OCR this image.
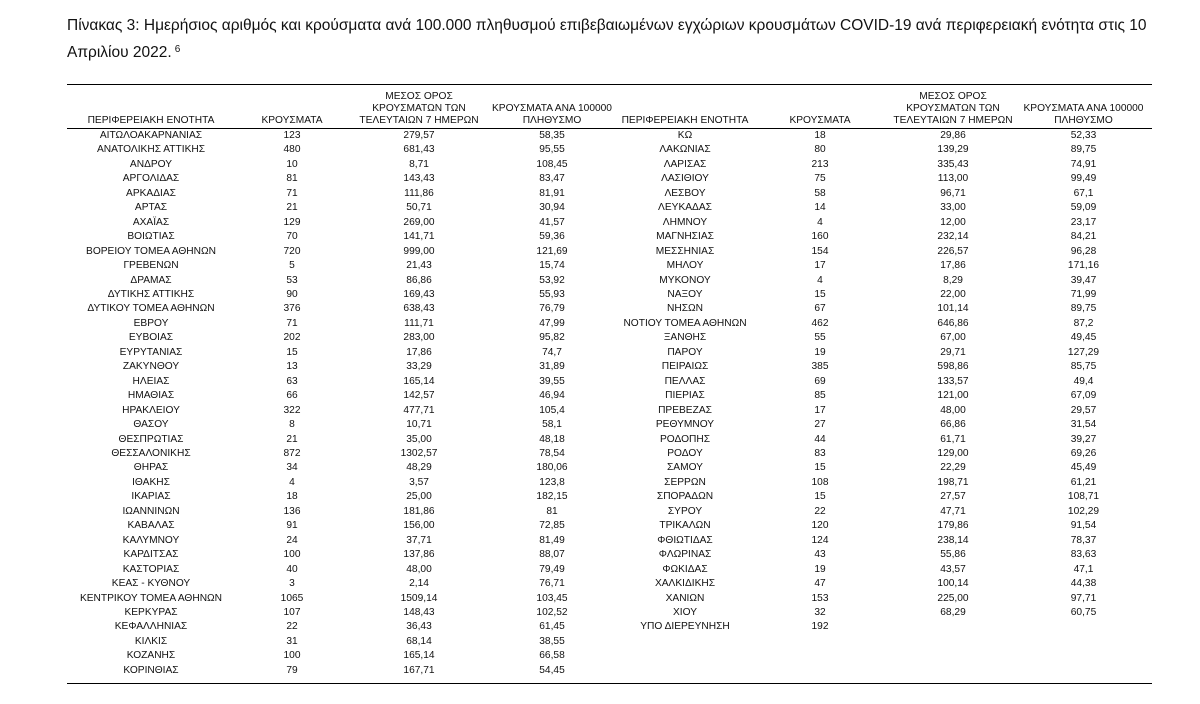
Πίνακας 3: Ημερήσιος αριθμός και κρούσματα ανά 100.000 πληθυσμού επιβεβαιωμένων εγχώριων κρουσμάτων COVID-19 ανά περιφερειακή ενότητα στις 10 Απριλίου 2022. $^6$
ΠΕΡΙΦΕΡΕΙΑΚΗ ΕΝΟΤΗΤΑ	ΚΡΟΥΣΜΑΤΑ
ΜΕΣΟΣ ΟΡΟΣ
ΚΡΟΥΣΜΑΤΩΝ ΤΩΝ
ΤΕΛΕΥΤΑΙΩΝ 7 ΗΜΕΡΩΝ
ΚΡΟΥΣΜΑΤΑ ΑΝΑ 100000
ΠΛΗΘΥΣΜΟ
ΑΙΤΩΛΟΑΚΑΡΝΑΝΙΑΣ	123	279,57	58,35
ΑΝΑΤΟΛΙΚΗΣ ΑΤΤΙΚΗΣ	480	681,43	95,55
ΑΝΔΡΟΥ	10	8,71	108,45
ΑΡΓΟΛΙΔΑΣ	81	143,43	83,47
ΑΡΚΑΔΙΑΣ	71	111,86	81,91
ΑΡΤΑΣ	21	50,71	30,94
ΑΧΑΪΑΣ	129	269,00	41,57
ΒΟΙΩΤΙΑΣ	70	141,71	59,36
ΒΟΡΕΙΟΥ ΤΟΜΕΑ ΑΘΗΝΩΝ	720	999,00	121,69
ΓΡΕΒΕΝΩΝ	5	21,43	15,74
ΔΡΑΜΑΣ	53	86,86	53,92
ΔΥΤΙΚΗΣ ΑΤΤΙΚΗΣ	90	169,43	55,93
ΔΥΤΙΚΟΥ ΤΟΜΕΑ ΑΘΗΝΩΝ	376	638,43	76,79
ΕΒΡΟΥ	71	111,71	47,99
ΕΥΒΟΙΑΣ	202	283,00	95,82
ΕΥΡΥΤΑΝΙΑΣ	15	17,86	74,7
ΖΑΚΥΝΘΟΥ	13	33,29	31,89
ΗΛΕΙΑΣ	63	165,14	39,55
ΗΜΑΘΙΑΣ	66	142,57	46,94
ΗΡΑΚΛΕΙΟΥ	322	477,71	105,4
ΘΑΣΟΥ	8	10,71	58,1
ΘΕΣΠΡΩΤΙΑΣ	21	35,00	48,18
ΘΕΣΣΑΛΟΝΙΚΗΣ	872	1302,57	78,54
ΘΗΡΑΣ	34	48,29	180,06
ΙΘΑΚΗΣ	4	3,57	123,8
ΙΚΑΡΙΑΣ	18	25,00	182,15
ΙΩΑΝΝΙΝΩΝ	136	181,86	81
ΚΑΒΑΛΑΣ	91	156,00	72,85
ΚΑΛΥΜΝΟΥ	24	37,71	81,49
ΚΑΡΔΙΤΣΑΣ	100	137,86	88,07
ΚΑΣΤΟΡΙΑΣ	40	48,00	79,49
ΚΕΑΣ - ΚΥΘΝΟΥ	3	2,14	76,71
ΚΕΝΤΡΙΚΟΥ ΤΟΜΕΑ ΑΘΗΝΩΝ	1065	1509,14	103,45
ΚΕΡΚΥΡΑΣ	107	148,43	102,52
ΚΕΦΑΛΛΗΝΙΑΣ	22	36,43	61,45
ΚΙΛΚΙΣ	31	68,14	38,55
ΚΟΖΑΝΗΣ	100	165,14	66,58
ΚΟΡΙΝΘΙΑΣ	79	167,71	54,45
ΠΕΡΙΦΕΡΕΙΑΚΗ ΕΝΟΤΗΤΑ	ΚΡΟΥΣΜΑΤΑ
ΜΕΣΟΣ ΟΡΟΣ
ΚΡΟΥΣΜΑΤΩΝ ΤΩΝ
ΤΕΛΕΥΤΑΙΩΝ 7 ΗΜΕΡΩΝ
ΚΡΟΥΣΜΑΤΑ ΑΝΑ 100000
ΠΛΗΘΥΣΜΟ
ΚΩ	18	29,86	52,33
ΛΑΚΩΝΙΑΣ	80	139,29	89,75
ΛΑΡΙΣΑΣ	213	335,43	74,91
ΛΑΣΙΘΙΟΥ	75	113,00	99,49
ΛΕΣΒΟΥ	58	96,71	67,1
ΛΕΥΚΑΔΑΣ	14	33,00	59,09
ΛΗΜΝΟΥ	4	12,00	23,17
ΜΑΓΝΗΣΙΑΣ	160	232,14	84,21
ΜΕΣΣΗΝΙΑΣ	154	226,57	96,28
ΜΗΛΟΥ	17	17,86	171,16
ΜΥΚΟΝΟΥ	4	8,29	39,47
ΝΑΞΟΥ	15	22,00	71,99
ΝΗΣΩΝ	67	101,14	89,75
ΝΟΤΙΟΥ ΤΟΜΕΑ ΑΘΗΝΩΝ	462	646,86	87,2
ΞΑΝΘΗΣ	55	67,00	49,45
ΠΑΡΟΥ	19	29,71	127,29
ΠΕΙΡΑΙΩΣ	385	598,86	85,75
ΠΕΛΛΑΣ	69	133,57	49,4
ΠΙΕΡΙΑΣ	85	121,00	67,09
ΠΡΕΒΕΖΑΣ	17	48,00	29,57
ΡΕΘΥΜΝΟΥ	27	66,86	31,54
ΡΟΔΟΠΗΣ	44	61,71	39,27
ΡΟΔΟΥ	83	129,00	69,26
ΣΑΜΟΥ	15	22,29	45,49
ΣΕΡΡΩΝ	108	198,71	61,21
ΣΠΟΡΑΔΩΝ	15	27,57	108,71
ΣΥΡΟΥ	22	47,71	102,29
ΤΡΙΚΑΛΩΝ	120	179,86	91,54
ΦΘΙΩΤΙΔΑΣ	124	238,14	78,37
ΦΛΩΡΙΝΑΣ	43	55,86	83,63
ΦΩΚΙΔΑΣ	19	43,57	47,1
ΧΑΛΚΙΔΙΚΗΣ	47	100,14	44,38
ΧΑΝΙΩΝ	153	225,00	97,71
ΧΙΟΥ	32	68,29	60,75
ΥΠΟ ΔΙΕΡΕΥΝΗΣΗ	192
